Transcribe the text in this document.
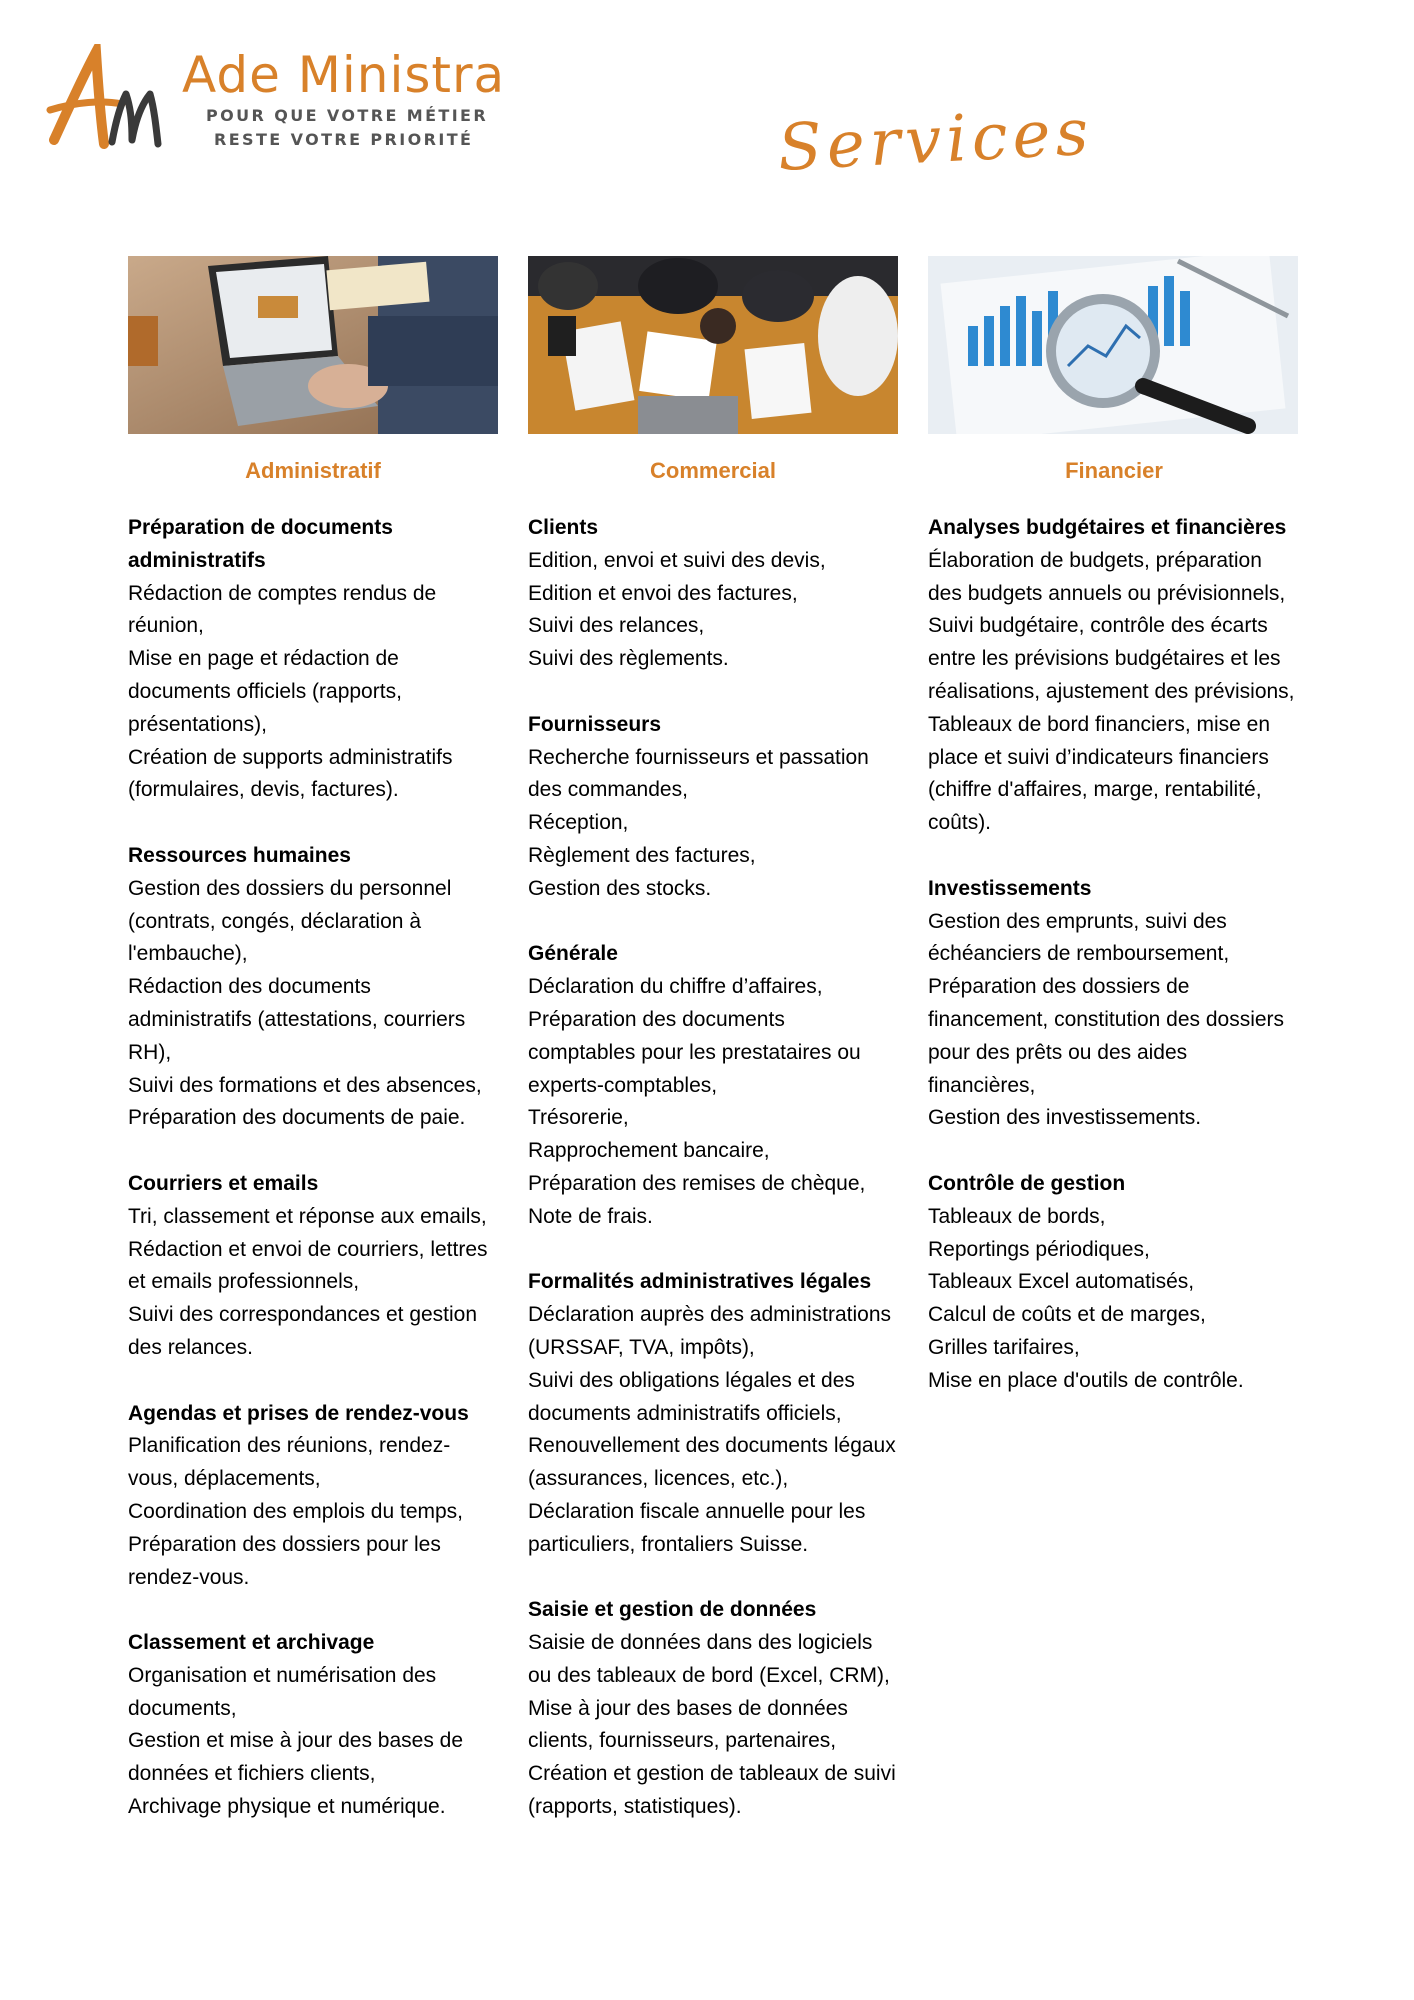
Ade Ministra
POUR QUE VOTRE MÉTIER
RESTE VOTRE PRIORITÉ	Services
Administratif
Préparation de documents administratifs
Rédaction de comptes rendus de réunion,
Mise en page et rédaction de documents officiels (rapports, présentations),
Création de supports administratifs (formulaires, devis, factures).
Ressources humaines
Gestion des dossiers du personnel (contrats, congés, déclaration à l'embauche),
Rédaction des documents administratifs (attestations, courriers RH),
Suivi des formations et des absences,
Préparation des documents de paie.
Courriers et emails
Tri, classement et réponse aux emails,
Rédaction et envoi de courriers, lettres et emails professionnels,
Suivi des correspondances et gestion des relances.
Agendas et prises de rendez-vous
Planification des réunions, rendez-vous, déplacements,
Coordination des emplois du temps,
Préparation des dossiers pour les rendez-vous.
Classement et archivage
Organisation et numérisation des documents,
Gestion et mise à jour des bases de données et fichiers clients,
Archivage physique et numérique.
Commercial
Clients
Edition, envoi et suivi des devis,
Edition et envoi des factures,
Suivi des relances,
Suivi des règlements.
Fournisseurs
Recherche fournisseurs et passation des commandes,
Réception,
Règlement des factures,
Gestion des stocks.
Générale
Déclaration du chiffre d’affaires,
Préparation des documents comptables pour les prestataires ou experts-comptables,
Trésorerie,
Rapprochement bancaire,
Préparation des remises de chèque,
Note de frais.
Formalités administratives légales
Déclaration auprès des administrations (URSSAF, TVA, impôts),
Suivi des obligations légales et des documents administratifs officiels,
Renouvellement des documents légaux (assurances, licences, etc.),
Déclaration fiscale annuelle pour les particuliers, frontaliers Suisse.
Saisie et gestion de données
Saisie de données dans des logiciels ou des tableaux de bord (Excel, CRM),
Mise à jour des bases de données clients, fournisseurs, partenaires,
Création et gestion de tableaux de suivi (rapports, statistiques).
Financier
Analyses budgétaires et financières
Élaboration de budgets, préparation des budgets annuels ou prévisionnels,
Suivi budgétaire, contrôle des écarts entre les prévisions budgétaires et les réalisations, ajustement des prévisions,
Tableaux de bord financiers, mise en place et suivi d’indicateurs financiers (chiffre d'affaires, marge, rentabilité, coûts).
Investissements
Gestion des emprunts, suivi des échéanciers de remboursement,
Préparation des dossiers de financement, constitution des dossiers pour des prêts ou des aides financières,
Gestion des investissements.
Contrôle de gestion
Tableaux de bords,
Reportings périodiques,
Tableaux Excel automatisés,
Calcul de coûts et de marges,
Grilles tarifaires,
Mise en place d'outils de contrôle.
